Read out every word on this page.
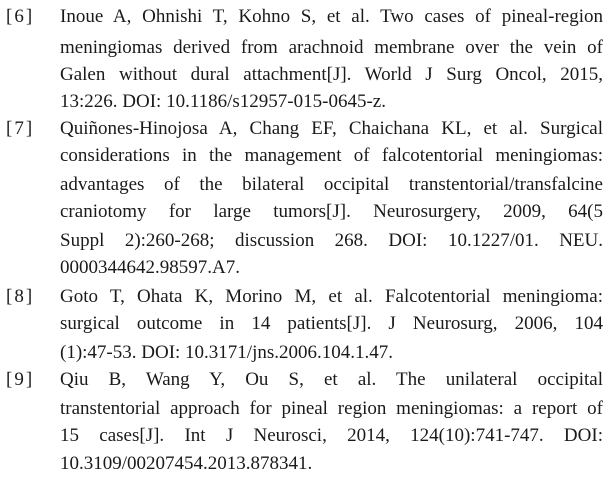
[6] Inoue A, Ohnishi T, Kohno S, et al. Two cases of pineal-region
meningiomas derived from arachnoid membrane over the vein of
Galen without dural attachment[J]. World J Surg Oncol, 2015,
13:226. DOI: 10.1186/s12957-015-0645-z.
[7] Quiñones-Hinojosa A, Chang EF, Chaichana KL, et al. Surgical
considerations in the management of falcotentorial meningiomas:
advantages of the bilateral occipital transtentorial/transfalcine
craniotomy for large tumors[J]. Neurosurgery, 2009, 64(5
Suppl 2):260-268; discussion 268. DOI: 10.1227/01. NEU.
0000344642.98597.A7.
[8] Goto T, Ohata K, Morino M, et al. Falcotentorial meningioma:
surgical outcome in 14 patients[J]. J Neurosurg, 2006, 104
(1):47-53. DOI: 10.3171/jns.2006.104.1.47.
[9] Qiu B, Wang Y, Ou S, et al. The unilateral occipital
transtentorial approach for pineal region meningiomas: a report of
15 cases[J]. Int J Neurosci, 2014, 124(10):741-747. DOI:
10.3109/00207454.2013.878341.
